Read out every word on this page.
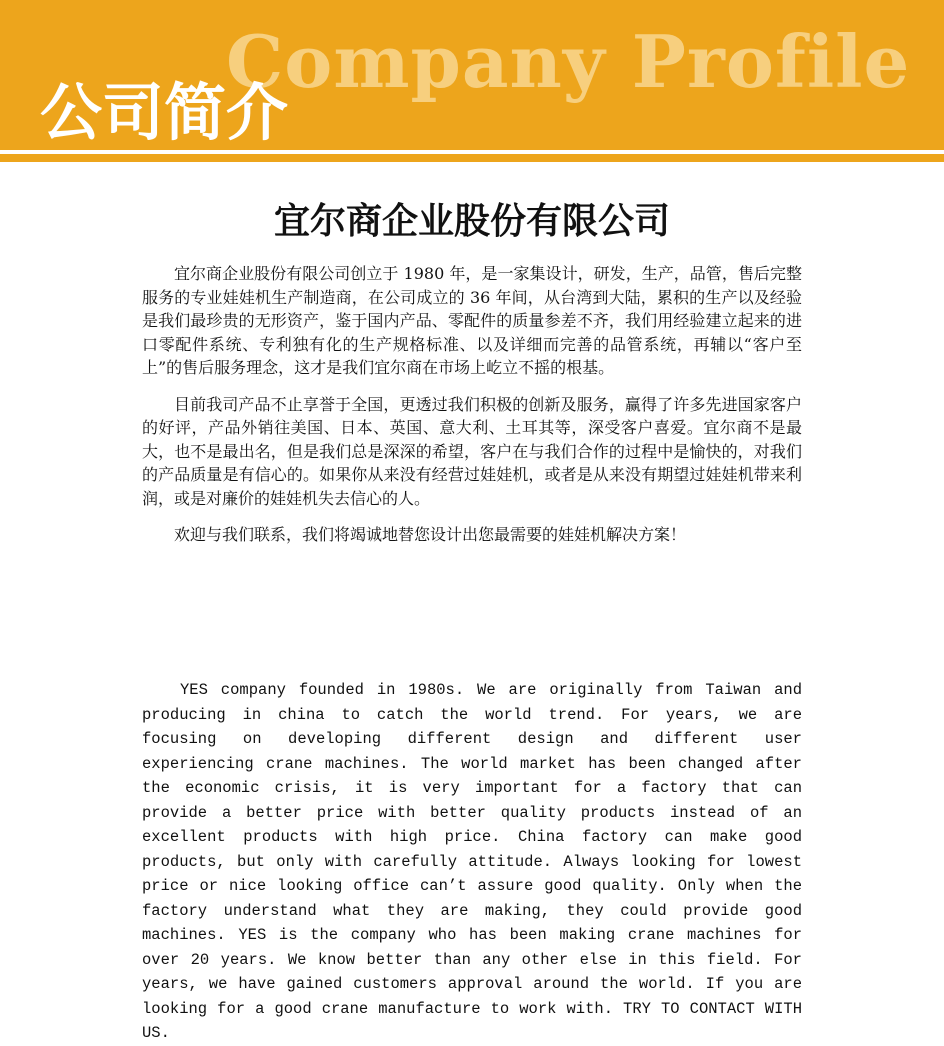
Company Profile
公司简介
宜尔商企业股份有限公司

宜尔商企业股份有限公司创立于 1980 年，是一家集设计，研发，生产，品管，售后完整服务的专业娃娃机生产制造商，在公司成立的 36 年间，从台湾到大陆，累积的生产以及经验是我们最珍贵的无形资产，鉴于国内产品、零配件的质量参差不齐，我们用经验建立起来的进口零配件系统、专利独有化的生产规格标准、以及详细而完善的品管系统，再辅以“客户至上”的售后服务理念，这才是我们宜尔商在市场上屹立不摇的根基。

目前我司产品不止享誉于全国，更透过我们积极的创新及服务，赢得了许多先进国家客户的好评，产品外销往美国、日本、英国、意大利、土耳其等，深受客户喜爱。宜尔商不是最大，也不是最出名，但是我们总是深深的希望，客户在与我们合作的过程中是愉快的，对我们的产品质量是有信心的。如果你从来没有经营过娃娃机，或者是从来没有期望过娃娃机带来利润，或是对廉价的娃娃机失去信心的人。

欢迎与我们联系，我们将竭诚地替您设计出您最需要的娃娃机解决方案！

YES company founded in 1980s. We are originally from Taiwan and producing in china to catch the world trend. For years, we are focusing on developing different design and different user experiencing crane machines. The world market has been changed after the economic crisis, it is very important for a factory that can provide a better price with better quality products instead of an excellent products with high price. China factory can make good products, but only with carefully attitude. Always looking for lowest price or nice looking office can’t assure good quality. Only when the factory understand what they are making, they could provide good machines. YES is the company who has been making crane machines for over 20 years. We know better than any other else in this field. For years, we have gained customers approval around the world. If you are looking for a good crane manufacture to work with. TRY TO CONTACT WITH US.
